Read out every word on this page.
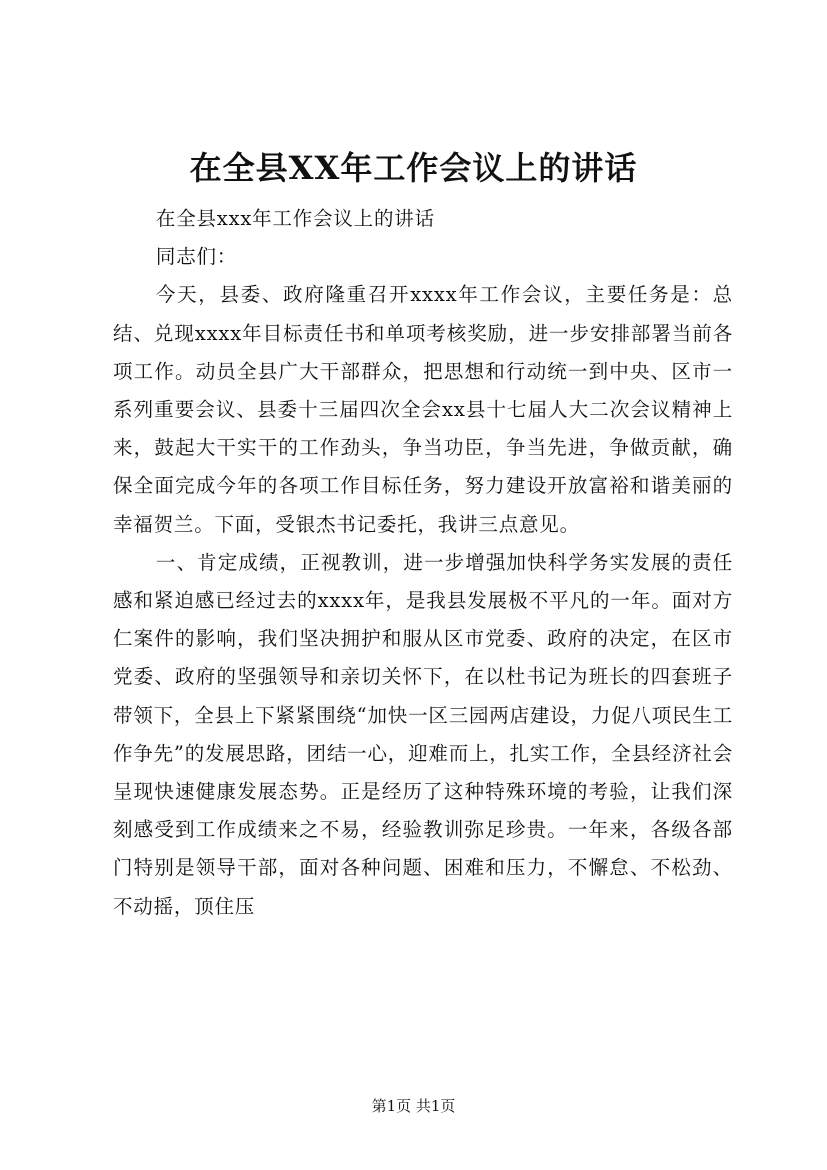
在全县XX年工作会议上的讲话

在全县xxx年工作会议上的讲话

同志们：

今天，县委、政府隆重召开xxxx年工作会议，主要任务是：总结、兑现xxxx年目标责任书和单项考核奖励，进一步安排部署当前各项工作。动员全县广大干部群众，把思想和行动统一到中央、区市一系列重要会议、县委十三届四次全会xx县十七届人大二次会议精神上来，鼓起大干实干的工作劲头，争当功臣，争当先进，争做贡献，确保全面完成今年的各项工作目标任务，努力建设开放富裕和谐美丽的幸福贺兰。下面，受银杰书记委托，我讲三点意见。

一、肯定成绩，正视教训，进一步增强加快科学务实发展的责任感和紧迫感已经过去的xxxx年，是我县发展极不平凡的一年。面对方仁案件的影响，我们坚决拥护和服从区市党委、政府的决定，在区市党委、政府的坚强领导和亲切关怀下，在以杜书记为班长的四套班子带领下，全县上下紧紧围绕“加快一区三园两店建设，力促八项民生工作争先”的发展思路，团结一心，迎难而上，扎实工作，全县经济社会呈现快速健康发展态势。正是经历了这种特殊环境的考验，让我们深刻感受到工作成绩来之不易，经验教训弥足珍贵。一年来，各级各部门特别是领导干部，面对各种问题、困难和压力，不懈怠、不松劲、不动摇，顶住压

第1页 共1页
